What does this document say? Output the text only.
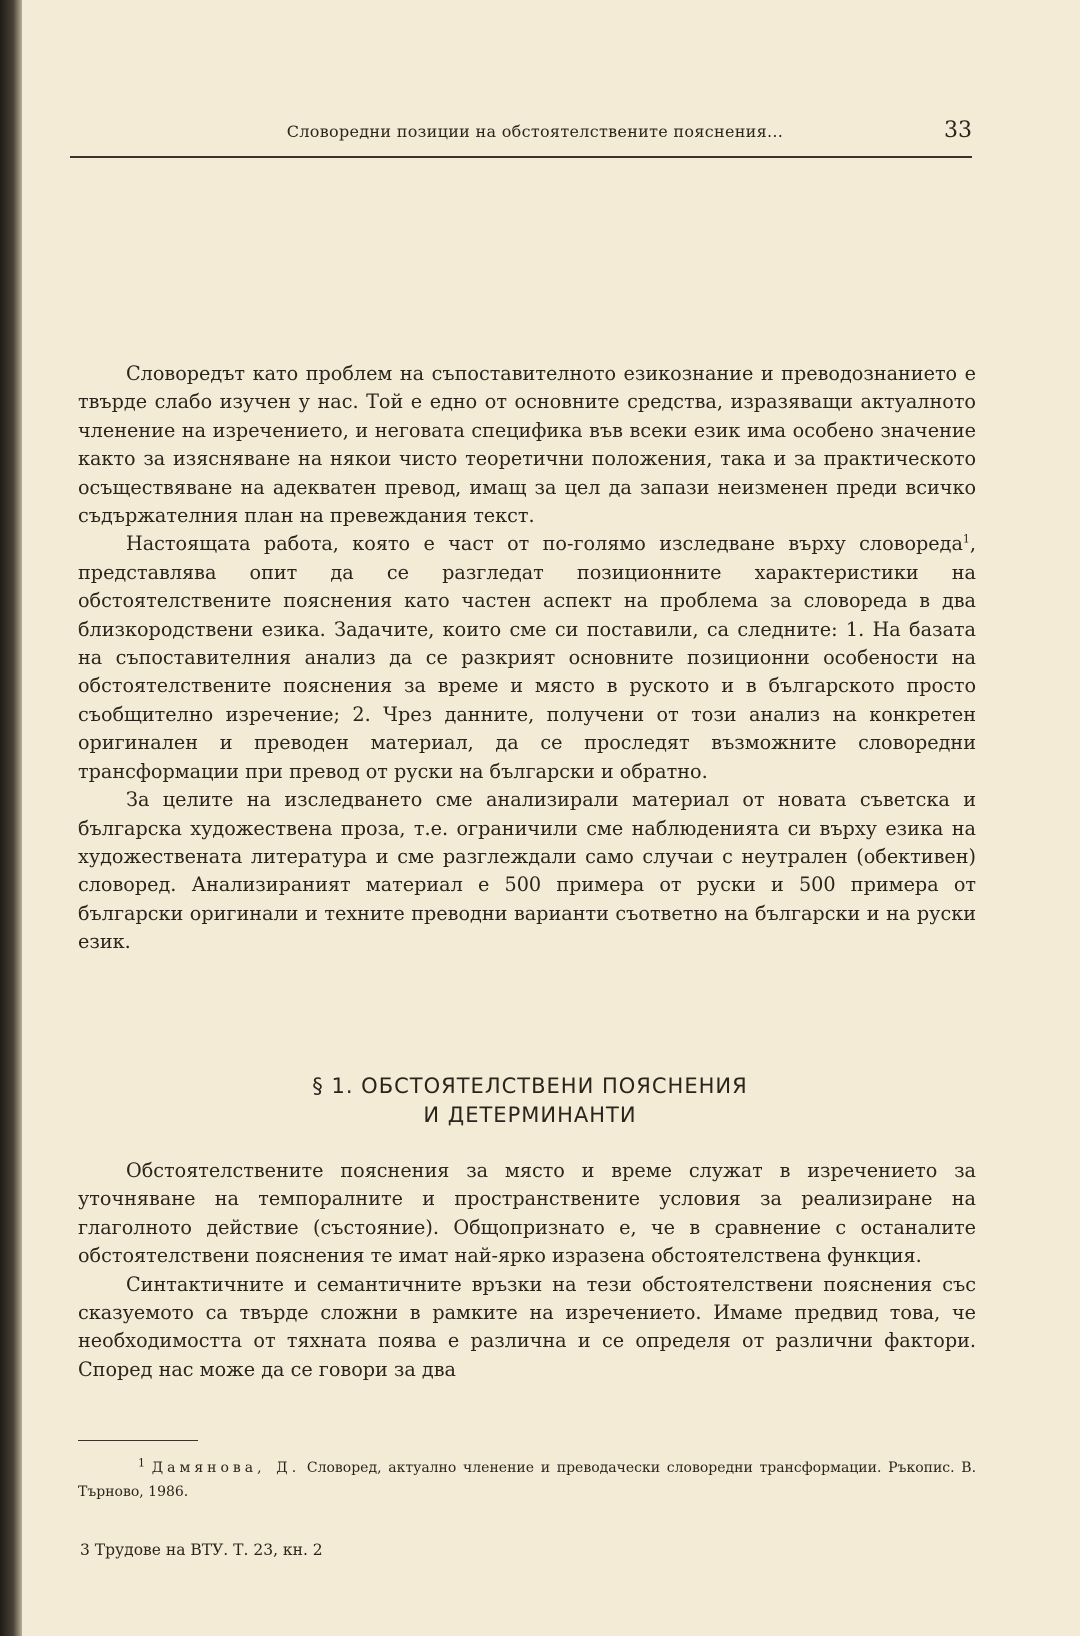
Словоредни позиции на обстоятелствените пояснения...	33

Словоредът като проблем на съпоставителното езикознание и преводознанието е твърде слабо изучен у нас. Той е едно от основните средства, изразяващи актуалното членение на изречението, и неговата специфика във всеки език има особено значение както за изясняване на някои чисто теоретични положения, така и за практическото осъществяване на адекватен превод, имащ за цел да запази неизменен преди всичко съдържателния план на превеждания текст.

Настоящата работа, която е част от по-голямо изследване върху словореда$^1$, представлява опит да се разгледат позиционните характеристики на обстоятелствените пояснения като частен аспект на проблема за словореда в два близкородствени езика. Задачите, които сме си поставили, са следните: 1. На базата на съпоставителния анализ да се разкрият основните позиционни особености на обстоятелствените пояснения за време и място в руското и в българското просто съобщително изречение; 2. Чрез данните, получени от този анализ на конкретен оригинален и преводен материал, да се проследят възможните словоредни трансформации при превод от руски на български и обратно.

За целите на изследването сме анализирали материал от новата съветска и българска художествена проза, т.е. ограничили сме наблюденията си върху езика на художествената литература и сме разглеждали само случаи с неутрален (обективен) словоред. Анализираният материал е 500 примера от руски и 500 примера от български оригинали и техните преводни варианти съответно на български и на руски език.

§ 1. ОБСТОЯТЕЛСТВЕНИ ПОЯСНЕНИЯ
И ДЕТЕРМИНАНТИ

Обстоятелствените пояснения за място и време служат в изречението за уточняване на темпоралните и пространствените условия за реализиране на глаголното действие (състояние). Общопризнато е, че в сравнение с останалите обстоятелствени пояснения те имат най-ярко изразена обстоятелствена функция.

Синтактичните и семантичните връзки на тези обстоятелствени пояснения със сказуемото са твърде сложни в рамките на изречението. Имаме предвид това, че необходимостта от тяхната поява е различна и се определя от различни фактори. Според нас може да се говори за два

$^1$ Дамянова, Д. Словоред, актуално членение и преводачески словоредни трансформации. Ръкопис. В. Търново, 1986.

3 Трудове на ВТУ. Т. 23, кн. 2
